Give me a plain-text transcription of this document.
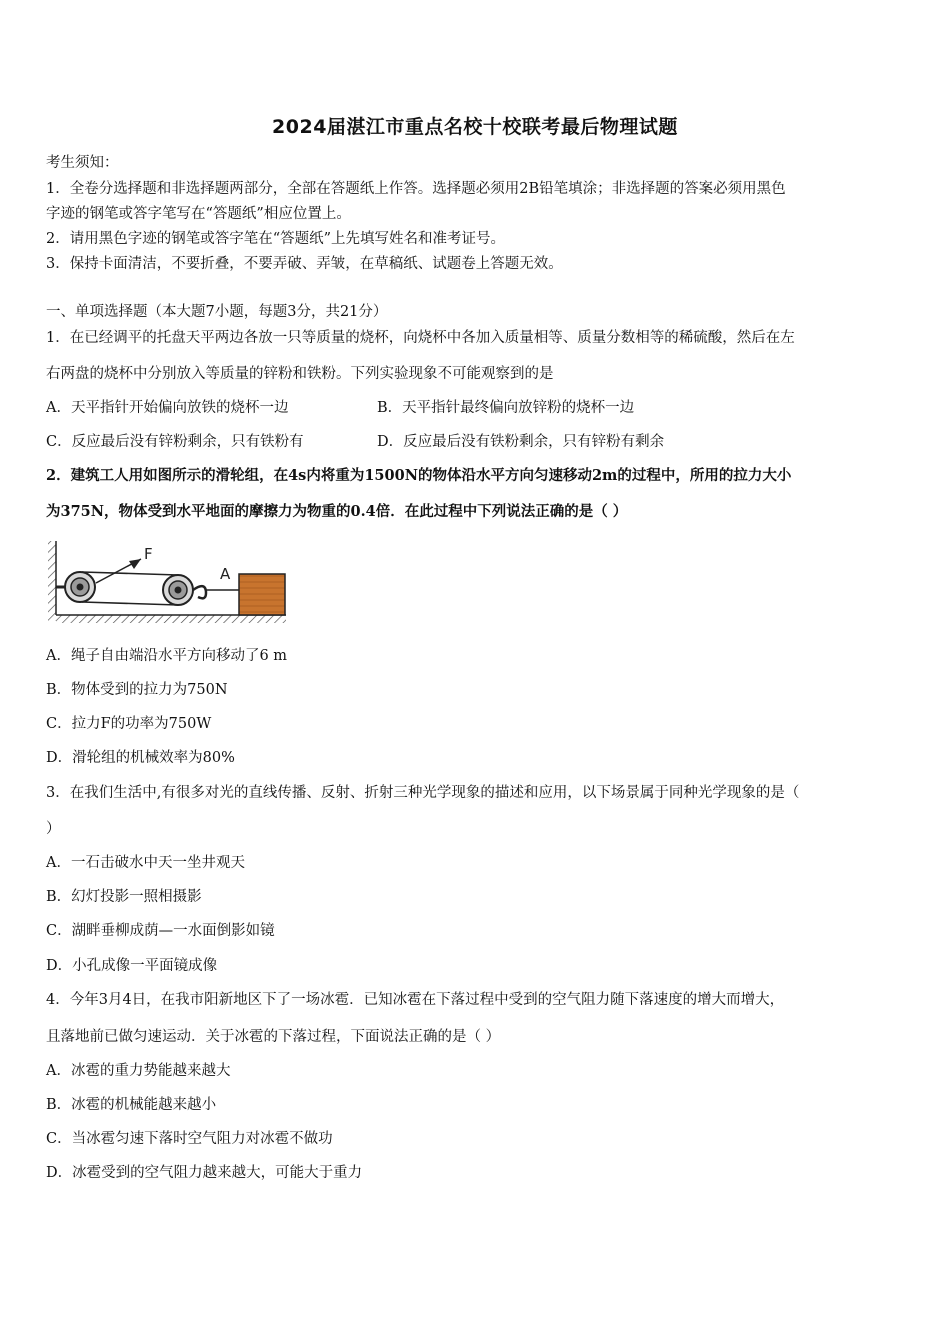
2024届湛江市重点名校十校联考最后物理试题
考生须知：
1．全卷分选择题和非选择题两部分，全部在答题纸上作答。选择题必须用2B铅笔填涂；非选择题的答案必须用黑色
字迹的钢笔或答字笔写在“答题纸”相应位置上。
2．请用黑色字迹的钢笔或答字笔在“答题纸”上先填写姓名和准考证号。
3．保持卡面清洁，不要折叠，不要弄破、弄皱，在草稿纸、试题卷上答题无效。
一、单项选择题（本大题7小题，每题3分，共21分）
1．在已经调平的托盘天平两边各放一只等质量的烧杯，向烧杯中各加入质量相等、质量分数相等的稀硫酸，然后在左
右两盘的烧杯中分别放入等质量的锌粉和铁粉。下列实验现象不可能观察到的是
A．天平指针开始偏向放铁的烧杯一边	B．天平指针最终偏向放锌粉的烧杯一边
C．反应最后没有锌粉剩余，只有铁粉有	D．反应最后没有铁粉剩余，只有锌粉有剩余
2．建筑工人用如图所示的滑轮组，在4s内将重为1500N的物体沿水平方向匀速移动2m的过程中，所用的拉力大小
为375N，物体受到水平地面的摩擦力为物重的0.4倍．在此过程中下列说法正确的是（ ）
F
A
A．绳子自由端沿水平方向移动了6 m
B．物体受到的拉力为750N
C．拉力F的功率为750W
D．滑轮组的机械效率为80%
3．在我们生活中,有很多对光的直线传播、反射、折射三种光学现象的描述和应用，以下场景属于同种光学现象的是（
）
A．一石击破水中天一坐井观天
B．幻灯投影一照相摄影
C．湖畔垂柳成荫—一水面倒影如镜
D．小孔成像一平面镜成像
4．今年3月4日，在我市阳新地区下了一场冰雹．已知冰雹在下落过程中受到的空气阻力随下落速度的增大而增大，
且落地前已做匀速运动．关于冰雹的下落过程，下面说法正确的是（ ）
A．冰雹的重力势能越来越大
B．冰雹的机械能越来越小
C．当冰雹匀速下落时空气阻力对冰雹不做功
D．冰雹受到的空气阻力越来越大，可能大于重力
